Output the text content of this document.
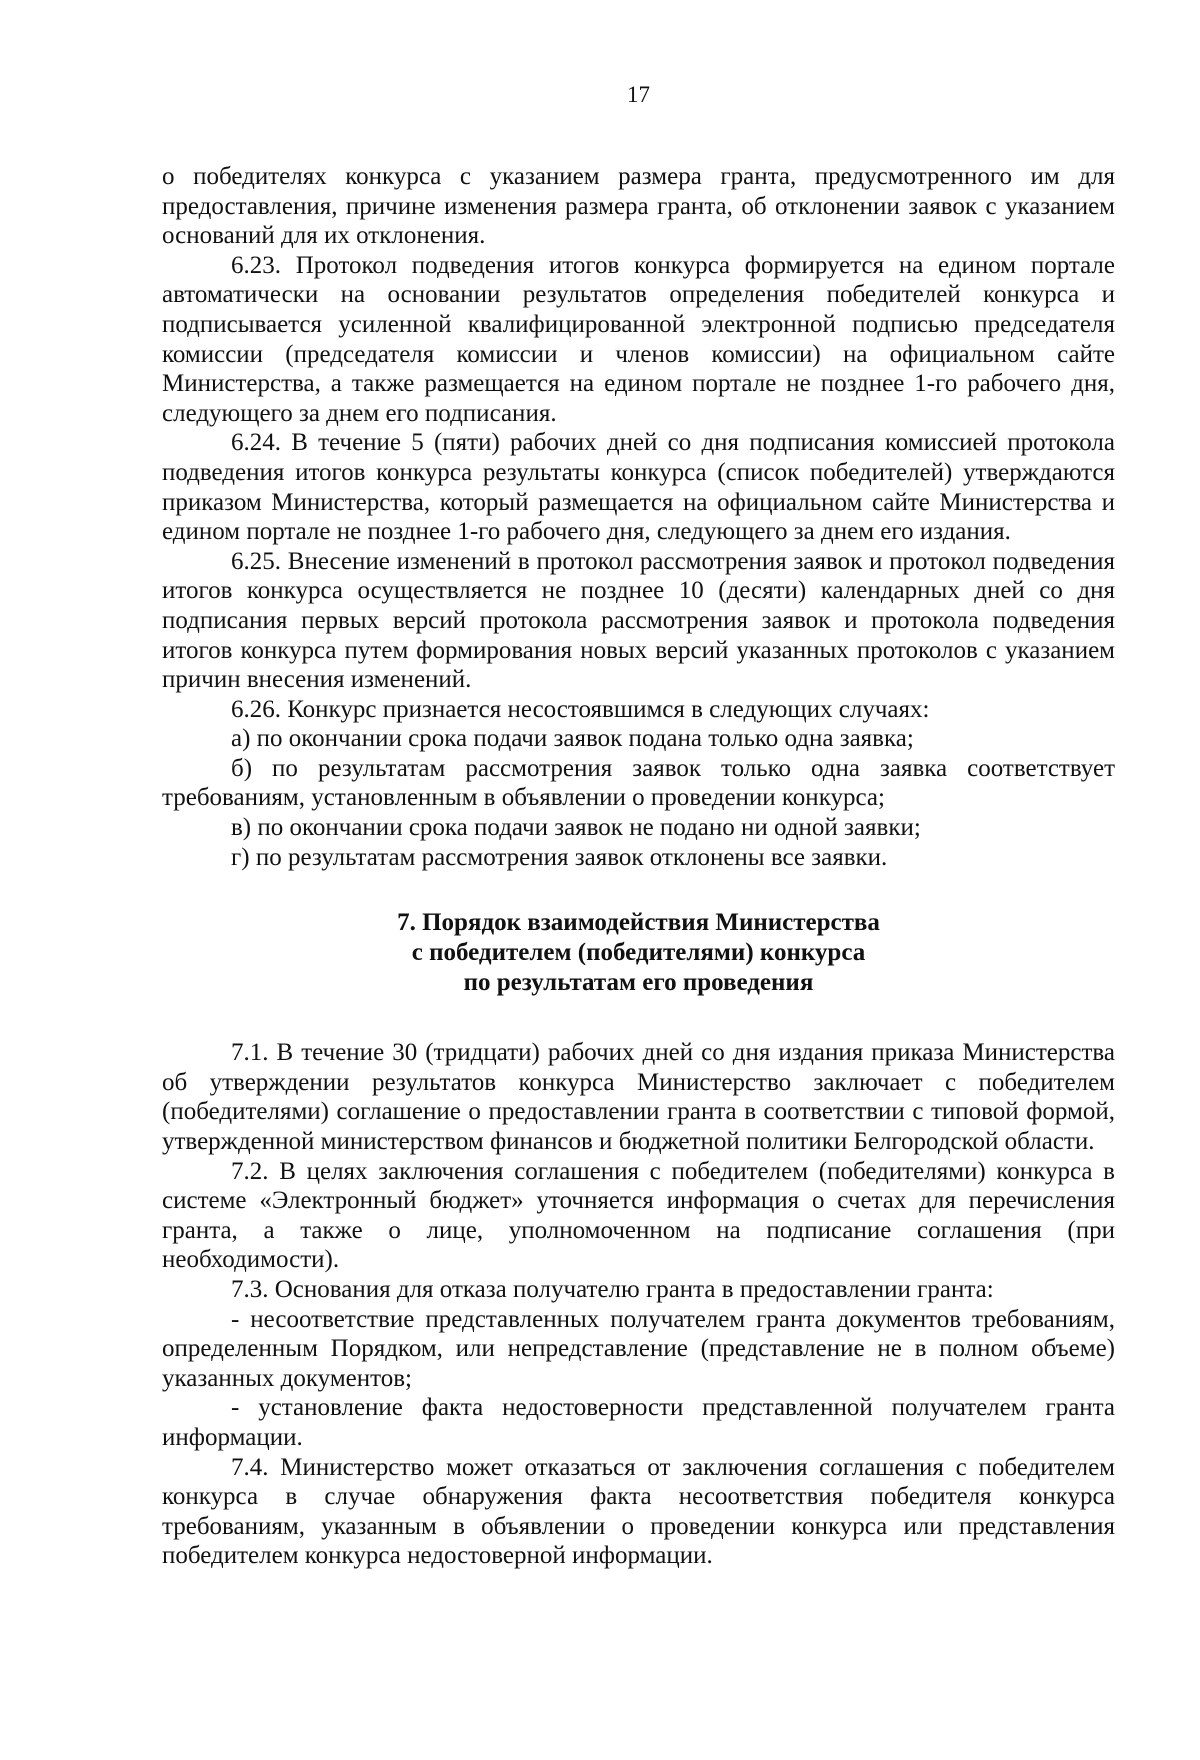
17

о победителях конкурса с указанием размера гранта, предусмотренного им для предоставления, причине изменения размера гранта, об отклонении заявок с указанием оснований для их отклонения.

6.23. Протокол подведения итогов конкурса формируется на едином портале автоматически на основании результатов определения победителей конкурса и подписывается усиленной квалифицированной электронной подписью председателя комиссии (председателя комиссии и членов комиссии) на официальном сайте Министерства, а также размещается на едином портале не позднее 1-го рабочего дня, следующего за днем его подписания.

6.24. В течение 5 (пяти) рабочих дней со дня подписания комиссией протокола подведения итогов конкурса результаты конкурса (список победителей) утверждаются приказом Министерства, который размещается на официальном сайте Министерства и едином портале не позднее 1-го рабочего дня, следующего за днем его издания.

6.25. Внесение изменений в протокол рассмотрения заявок и протокол подведения итогов конкурса осуществляется не позднее 10 (десяти) календарных дней со дня подписания первых версий протокола рассмотрения заявок и протокола подведения итогов конкурса путем формирования новых версий указанных протоколов с указанием причин внесения изменений.

6.26. Конкурс признается несостоявшимся в следующих случаях:

а) по окончании срока подачи заявок подана только одна заявка;

б) по результатам рассмотрения заявок только одна заявка соответствует требованиям, установленным в объявлении о проведении конкурса;

в) по окончании срока подачи заявок не подано ни одной заявки;

г) по результатам рассмотрения заявок отклонены все заявки.

7. Порядок взаимодействия Министерства
с победителем (победителями) конкурса
по результатам его проведения

7.1. В течение 30 (тридцати) рабочих дней со дня издания приказа Министерства об утверждении результатов конкурса Министерство заключает с победителем (победителями) соглашение о предоставлении гранта в соответствии с типовой формой, утвержденной министерством финансов и бюджетной политики Белгородской области.

7.2. В целях заключения соглашения с победителем (победителями) конкурса в системе «Электронный бюджет» уточняется информация о счетах для перечисления гранта, а также о лице, уполномоченном на подписание соглашения (при необходимости).

7.3. Основания для отказа получателю гранта в предоставлении гранта:

- несоответствие представленных получателем гранта документов требованиям, определенным Порядком, или непредставление (представление не в полном объеме) указанных документов;

- установление факта недостоверности представленной получателем гранта информации.

7.4. Министерство может отказаться от заключения соглашения с победителем конкурса в случае обнаружения факта несоответствия победителя конкурса требованиям, указанным в объявлении о проведении конкурса или представления победителем конкурса недостоверной информации.
